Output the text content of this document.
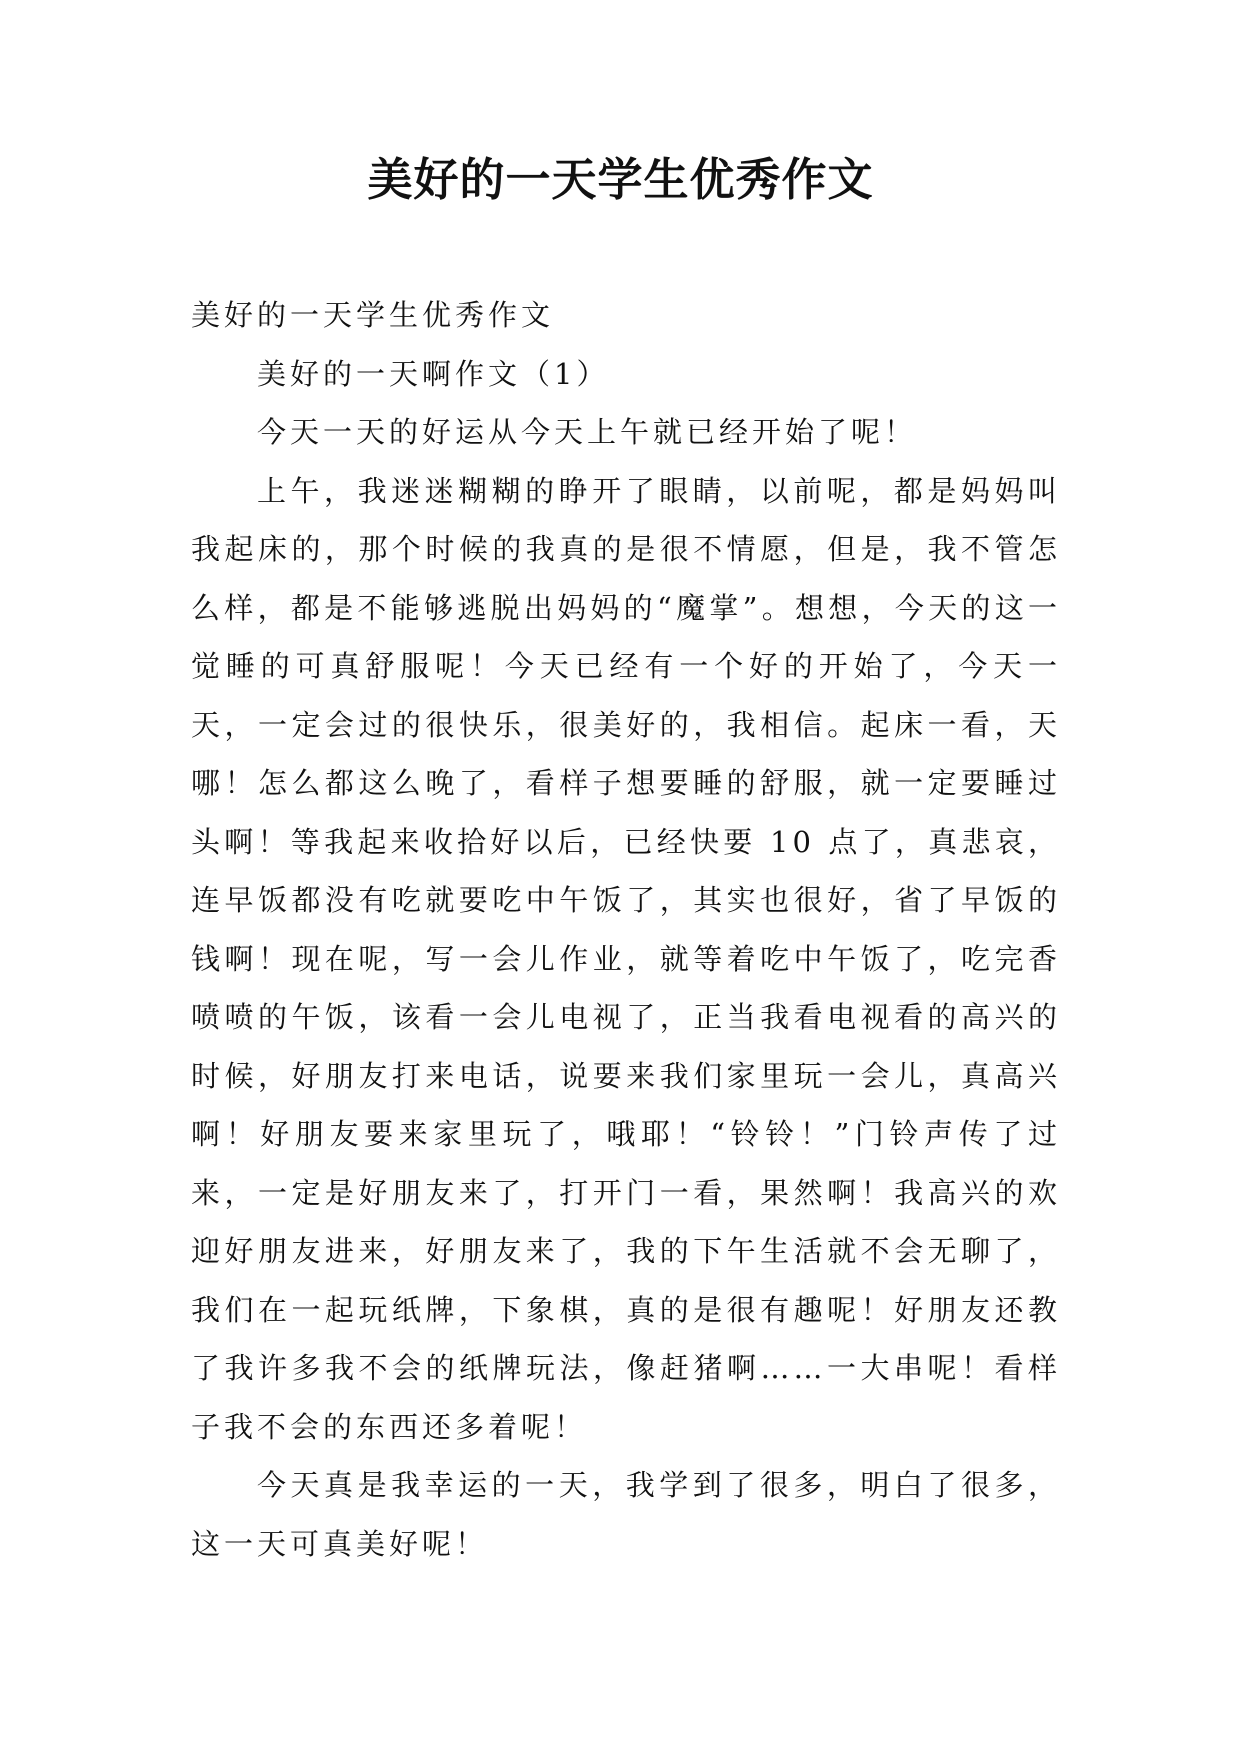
美好的一天学生优秀作文

美好的一天学生优秀作文

美好的一天啊作文（1）

今天一天的好运从今天上午就已经开始了呢！

上午，我迷迷糊糊的睁开了眼睛，以前呢，都是妈妈叫我起床的，那个时候的我真的是很不情愿，但是，我不管怎么样，都是不能够逃脱出妈妈的“魔掌”。想想，今天的这一觉睡的可真舒服呢！今天已经有一个好的开始了，今天一天，一定会过的很快乐，很美好的，我相信。起床一看，天哪！怎么都这么晚了，看样子想要睡的舒服，就一定要睡过头啊！等我起来收拾好以后，已经快要 10 点了，真悲哀，连早饭都没有吃就要吃中午饭了，其实也很好，省了早饭的钱啊！现在呢，写一会儿作业，就等着吃中午饭了，吃完香喷喷的午饭，该看一会儿电视了，正当我看电视看的高兴的时候，好朋友打来电话，说要来我们家里玩一会儿，真高兴啊！好朋友要来家里玩了，哦耶！“铃铃！”门铃声传了过来，一定是好朋友来了，打开门一看，果然啊！我高兴的欢迎好朋友进来，好朋友来了，我的下午生活就不会无聊了，我们在一起玩纸牌，下象棋，真的是很有趣呢！好朋友还教了我许多我不会的纸牌玩法，像赶猪啊……一大串呢！看样子我不会的东西还多着呢！

今天真是我幸运的一天，我学到了很多，明白了很多，这一天可真美好呢！
